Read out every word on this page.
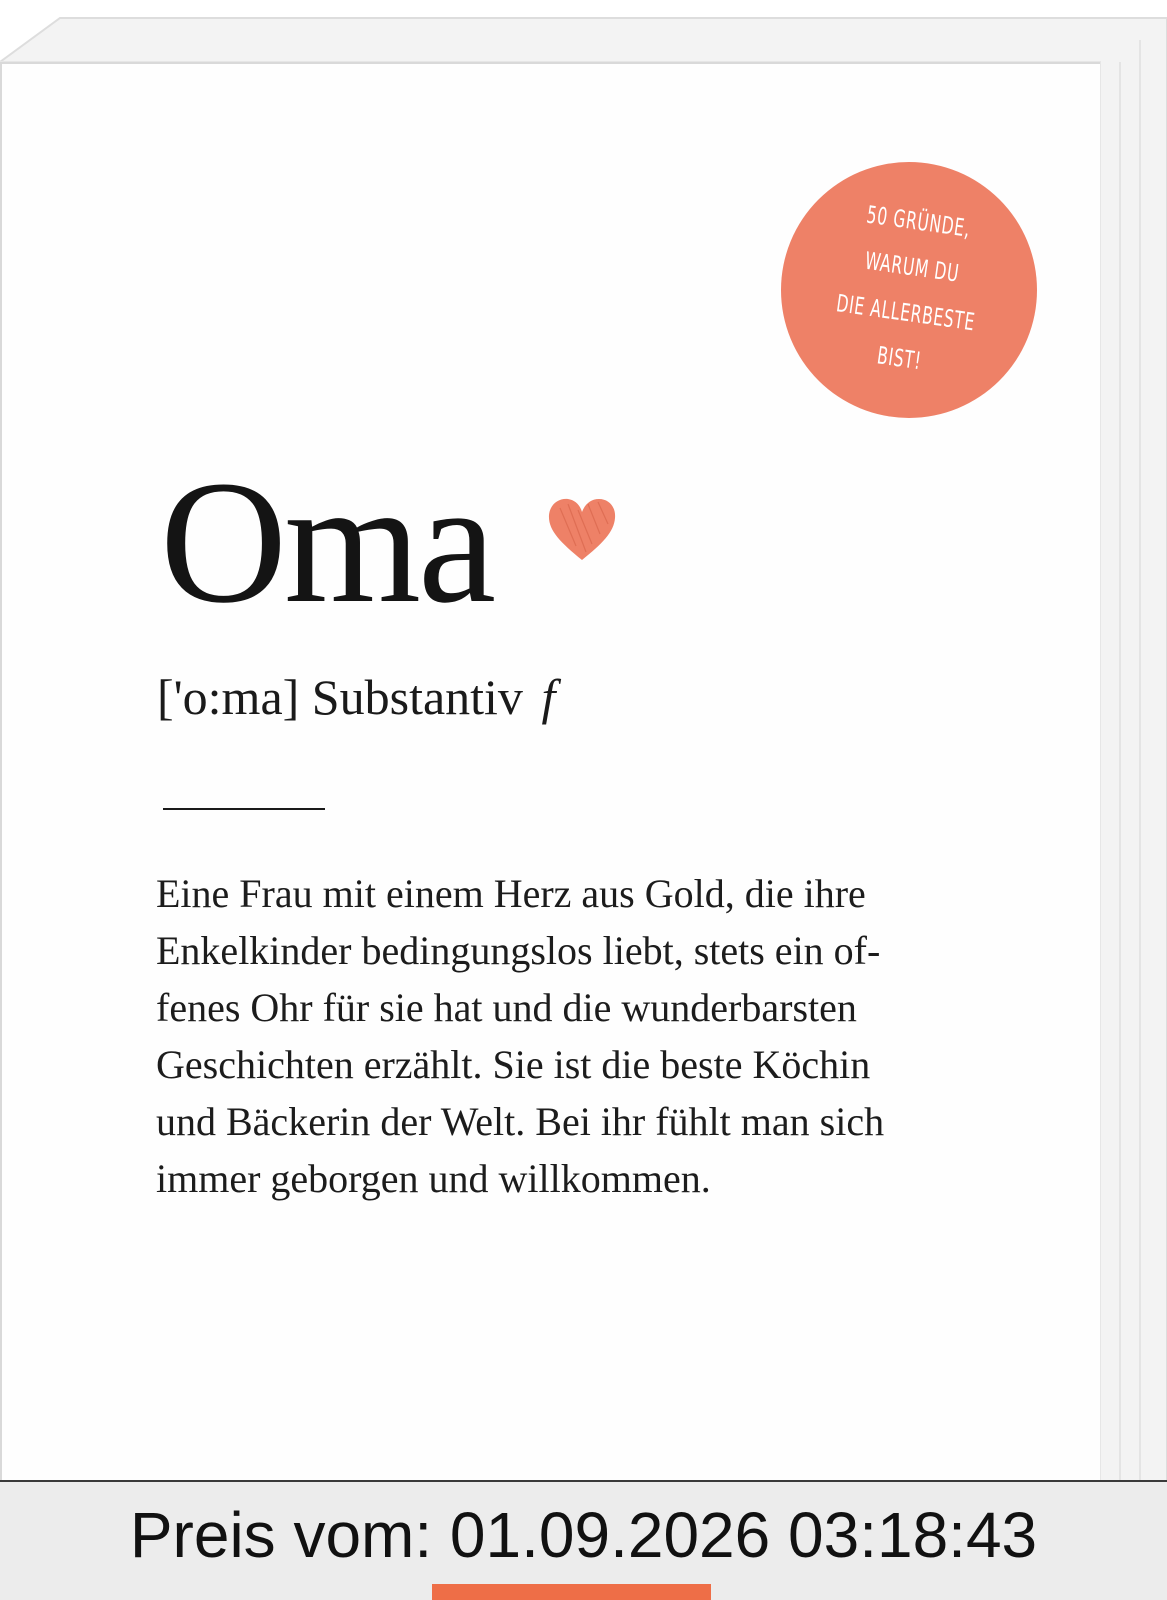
50 GRÜNDE,
WARUM DU
DIE ALLERBESTE
BIST!
Oma
['o:ma] Substantiv f
Eine Frau mit einem Herz aus Gold, die ihre
Enkelkinder bedingungslos liebt, stets ein of-
fenes Ohr für sie hat und die wunderbarsten
Geschichten erzählt. Sie ist die beste Köchin
und Bäckerin der Welt. Bei ihr fühlt man sich
immer geborgen und willkommen.
Preis vom: 01.09.2026 03:18:43
